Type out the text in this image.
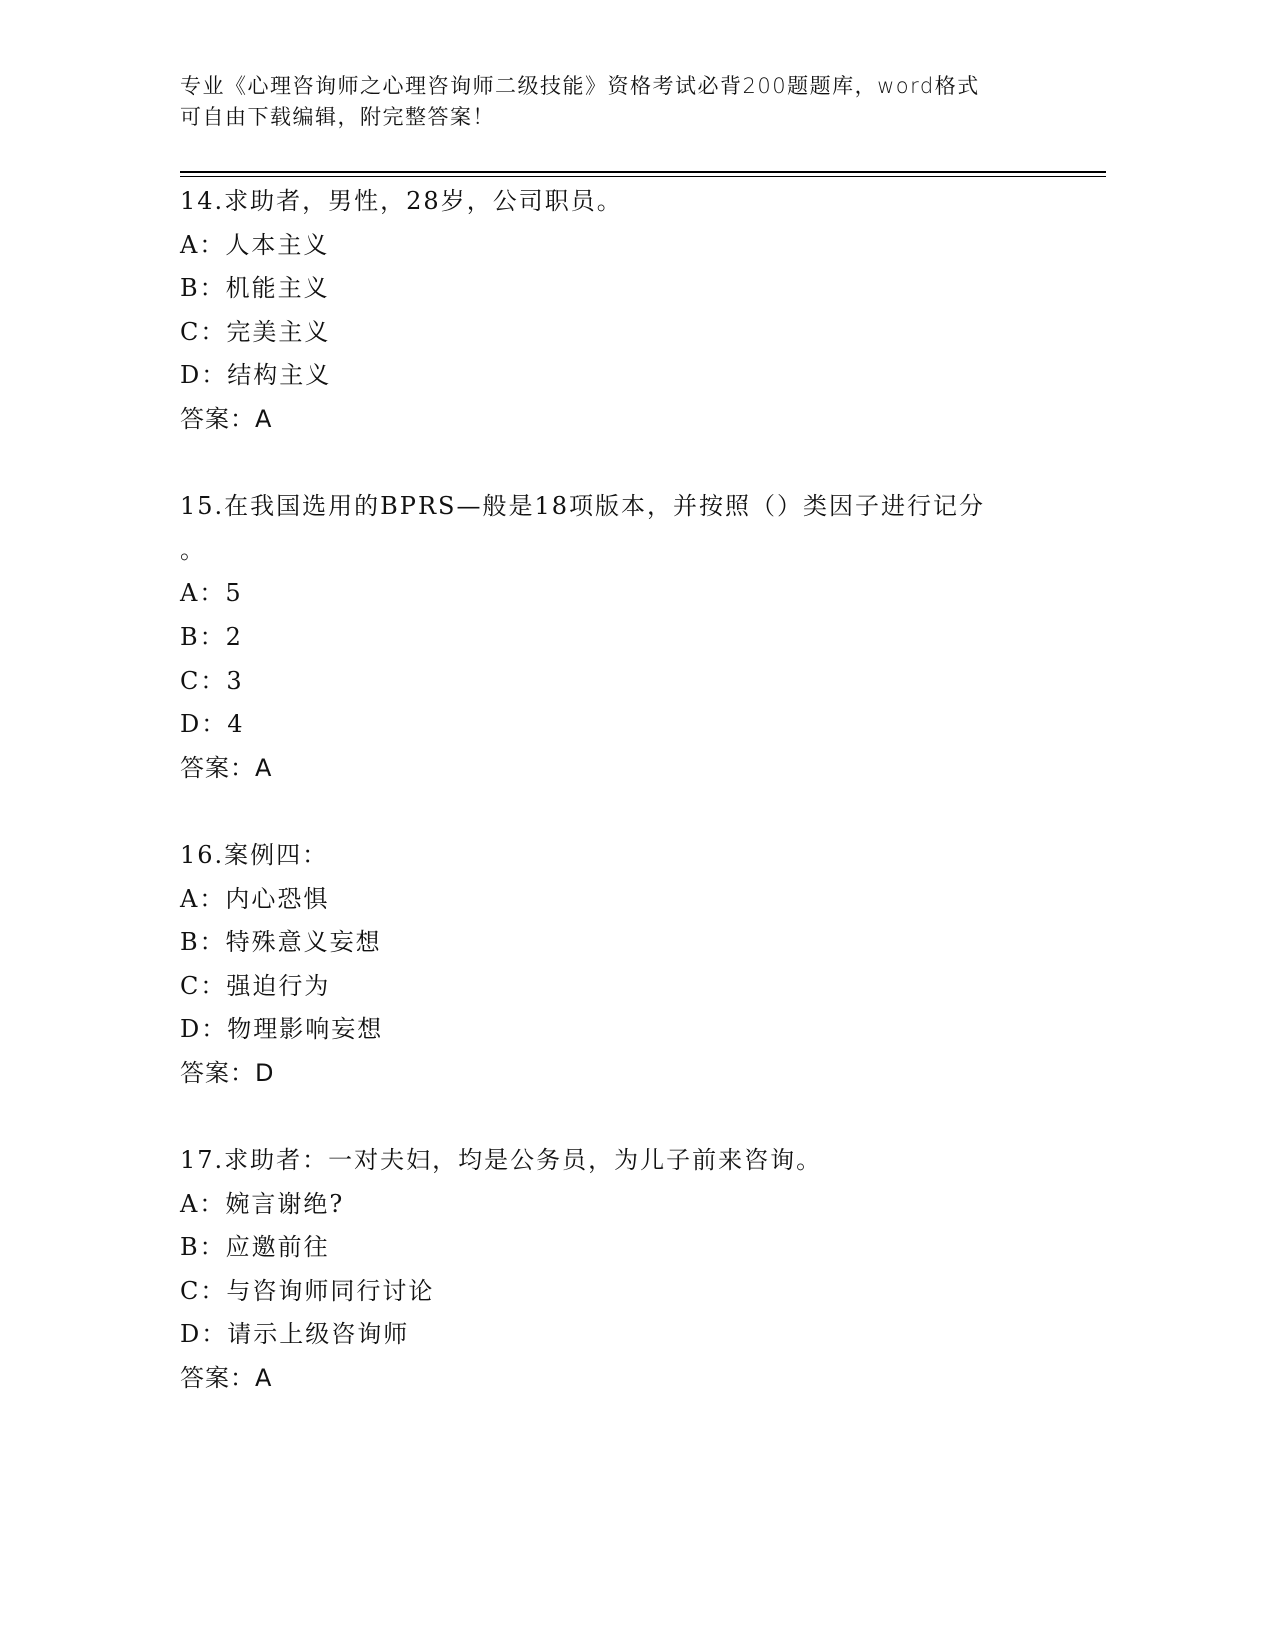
专业《心理咨询师之心理咨询师二级技能》资格考试必背200题题库，word格式
可自由下载编辑，附完整答案！
14.求助者，男性，28岁，公司职员。
A：人本主义
B：机能主义
C：完美主义
D：结构主义
答案：A
15.在我国选用的BPRS—般是18项版本，并按照（）类因子进行记分
。
A：5
B：2
C：3
D：4
答案：A
16.案例四：
A：内心恐惧
B：特殊意义妄想
C：强迫行为
D：物理影响妄想
答案：D
17.求助者：一对夫妇，均是公务员，为儿子前来咨询。
A：婉言谢绝?
B：应邀前往
C：与咨询师同行讨论
D：请示上级咨询师
答案：A
